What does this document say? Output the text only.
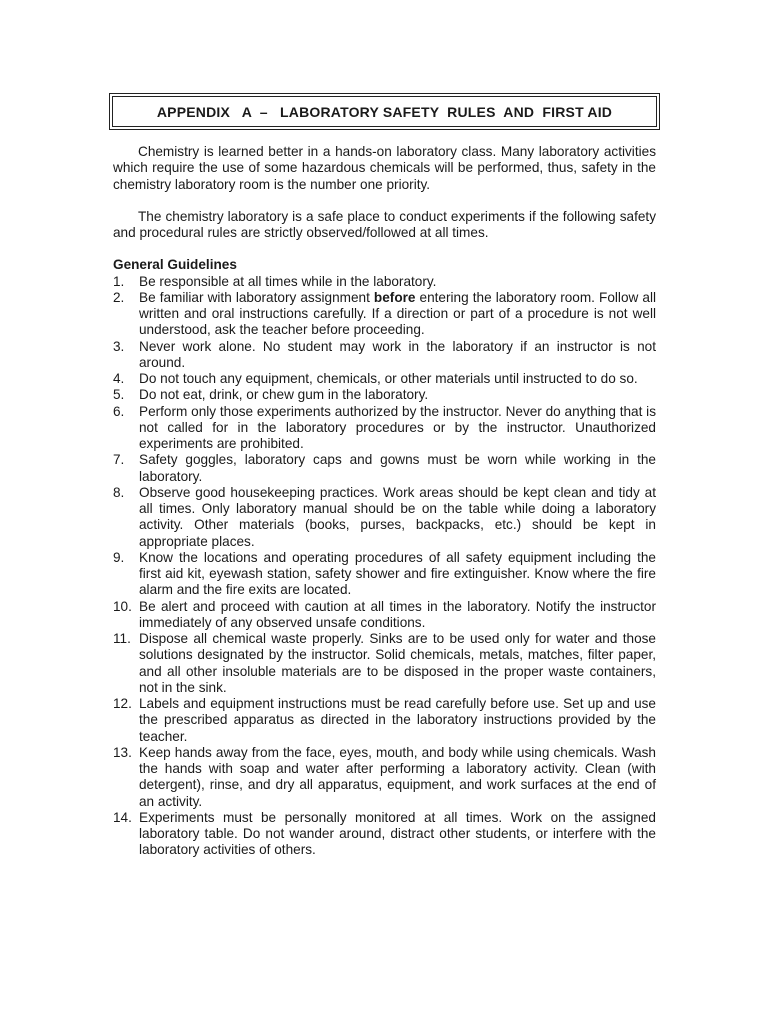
APPENDIX   A  –   LABORATORY SAFETY  RULES  AND  FIRST AID

Chemistry is learned better in a hands-on laboratory class. Many laboratory activities which require the use of some hazardous chemicals will be performed, thus, safety in the chemistry laboratory room is the number one priority.

The chemistry laboratory is a safe place to conduct experiments if the following safety and procedural rules are strictly observed/followed at all times.

General Guidelines

1.	Be responsible at all times while in the laboratory.
2.	Be familiar with laboratory assignment before entering the laboratory room. Follow all written and oral instructions carefully. If a direction or part of a procedure is not well understood, ask the teacher before proceeding.
3.	Never work alone. No student may work in the laboratory if an instructor is not around.
4.	Do not touch any equipment, chemicals, or other materials until instructed to do so.
5.	Do not eat, drink, or chew gum in the laboratory.
6.	Perform only those experiments authorized by the instructor. Never do anything that is not called for in the laboratory procedures or by the instructor. Unauthorized experiments are prohibited.
7.	Safety goggles, laboratory caps and gowns must be worn while working in the laboratory.
8.	Observe good housekeeping practices. Work areas should be kept clean and tidy at all times. Only laboratory manual should be on the table while doing a laboratory activity. Other materials (books, purses, backpacks, etc.) should be kept in appropriate places.
9.	Know the locations and operating procedures of all safety equipment including the first aid kit, eyewash station, safety shower and fire extinguisher. Know where the fire alarm and the fire exits are located.
10. Be alert and proceed with caution at all times in the laboratory. Notify the instructor immediately of any observed unsafe conditions.
11. Dispose all chemical waste properly. Sinks are to be used only for water and those solutions designated by the instructor. Solid chemicals, metals, matches, filter paper, and all other insoluble materials are to be disposed in the proper waste containers, not in the sink.
12. Labels and equipment instructions must be read carefully before use. Set up and use the prescribed apparatus as directed in the laboratory instructions provided by the teacher.
13. Keep hands away from the face, eyes, mouth, and body while using chemicals. Wash the hands with soap and water after performing a laboratory activity. Clean (with detergent), rinse, and dry all apparatus, equipment, and work surfaces at the end of an activity.
14. Experiments must be personally monitored at all times. Work on the assigned laboratory table. Do not wander around, distract other students, or interfere with the laboratory activities of others.
